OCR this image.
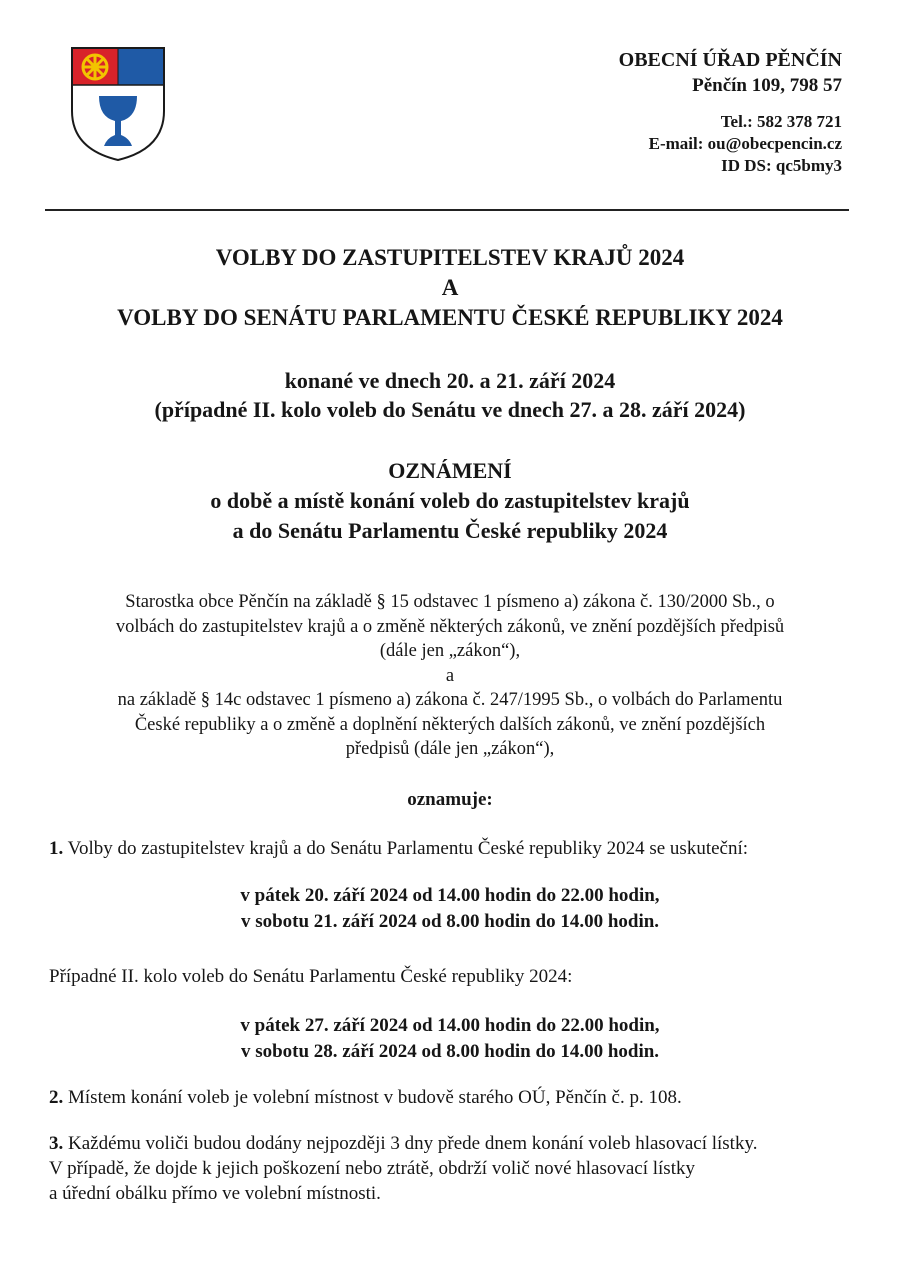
OBECNÍ ÚŘAD PĚNČÍN
Pěnčín 109, 798 57
Tel.: 582 378 721
E-mail: ou@obecpencin.cz
ID DS: qc5bmy3
VOLBY DO ZASTUPITELSTEV KRAJŮ 2024
A
VOLBY DO SENÁTU PARLAMENTU ČESKÉ REPUBLIKY 2024
konané ve dnech 20. a 21. září 2024
(případné II. kolo voleb do Senátu ve dnech 27. a 28. září 2024)
OZNÁMENÍ
o době a místě konání voleb do zastupitelstev krajů
a do Senátu Parlamentu České republiky 2024
Starostka obce Pěnčín na základě § 15 odstavec 1 písmeno a) zákona č. 130/2000 Sb., o
volbách do zastupitelstev krajů a o změně některých zákonů, ve znění pozdějších předpisů
(dále jen „zákon“),
a
na základě § 14c odstavec 1 písmeno a) zákona č. 247/1995 Sb., o volbách do Parlamentu
České republiky a o změně a doplnění některých dalších zákonů, ve znění pozdějších
předpisů (dále jen „zákon“),
oznamuje:
1. Volby do zastupitelstev krajů a do Senátu Parlamentu České republiky 2024 se uskuteční:
v pátek 20. září 2024 od 14.00 hodin do 22.00 hodin,
v sobotu 21. září 2024 od 8.00 hodin do 14.00 hodin.
Případné II. kolo voleb do Senátu Parlamentu České republiky 2024:
v pátek 27. září 2024 od 14.00 hodin do 22.00 hodin,
v sobotu 28. září 2024 od 8.00 hodin do 14.00 hodin.
2. Místem konání voleb je volební místnost v budově starého OÚ, Pěnčín č. p. 108.
3. Každému voliči budou dodány nejpozději 3 dny přede dnem konání voleb hlasovací lístky.
V případě, že dojde k jejich poškození nebo ztrátě, obdrží volič nové hlasovací lístky
a úřední obálku přímo ve volební místnosti.
